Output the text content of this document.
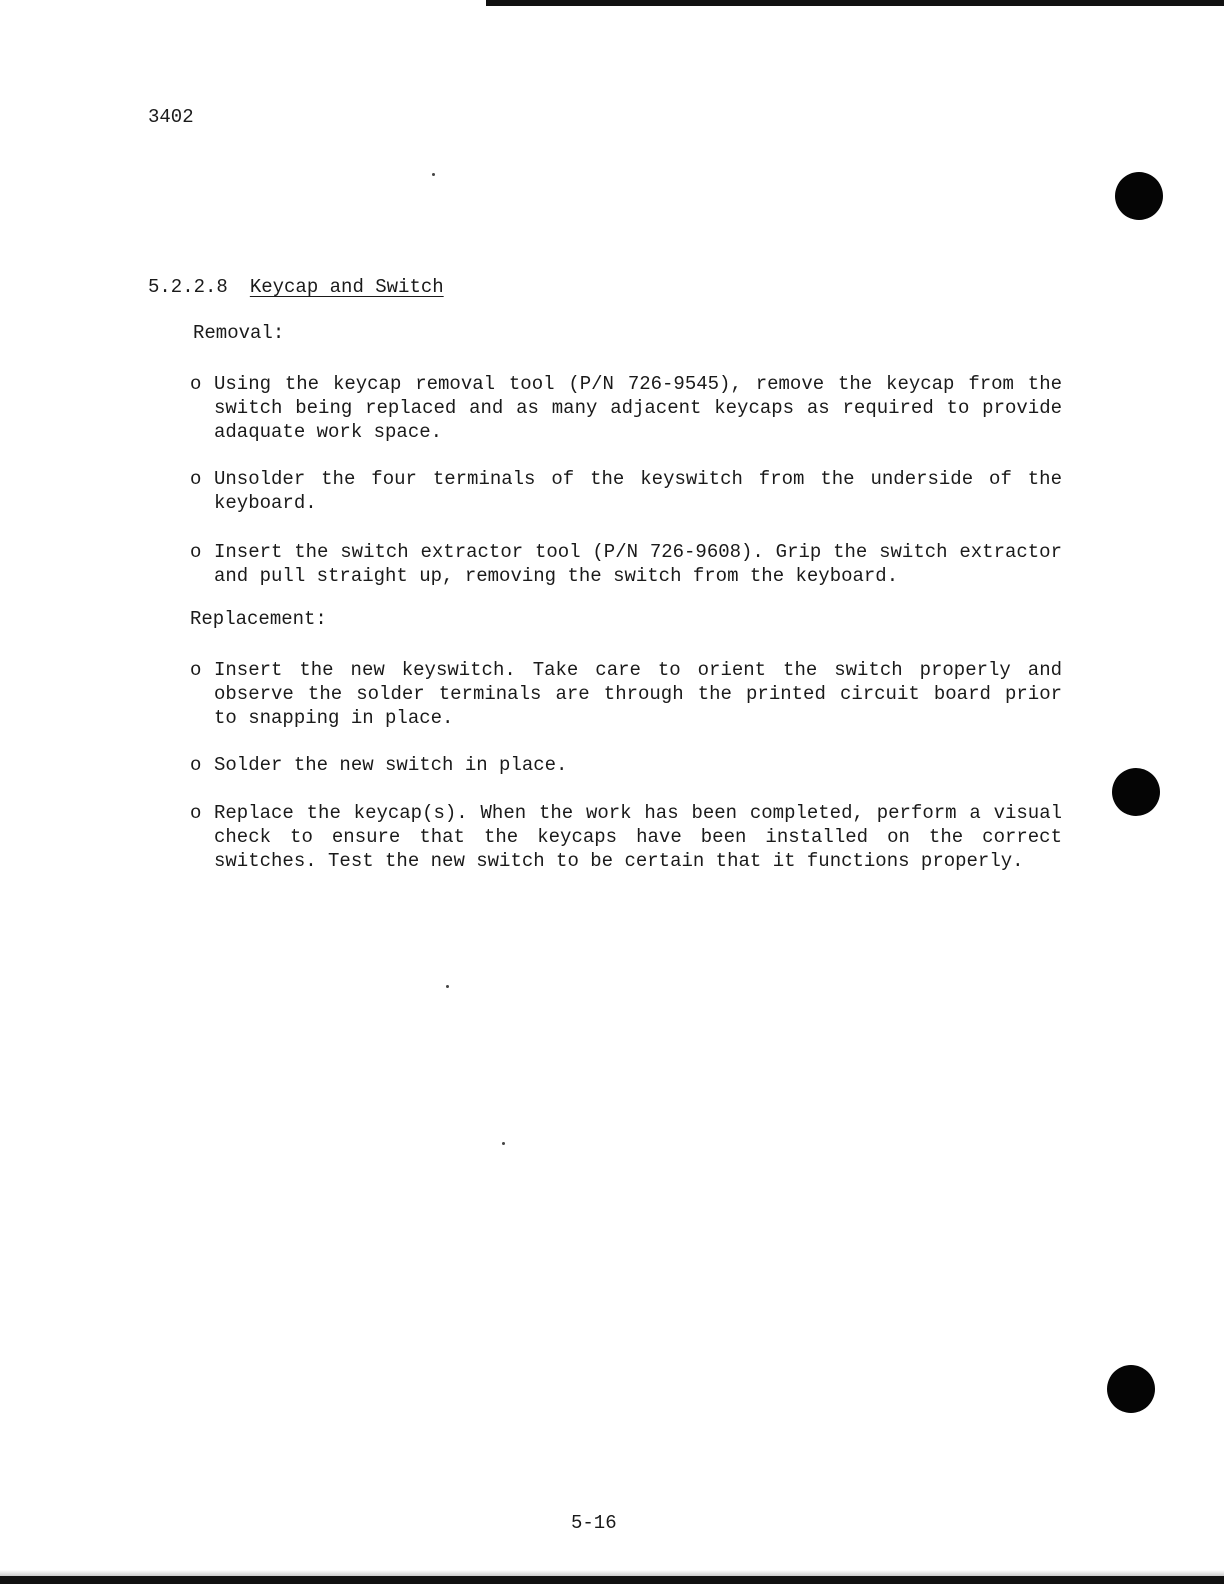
3402
5.2.2.8 Keycap and Switch
Removal:
o Using the keycap removal tool (P/N 726-9545), remove the keycap from the switch being replaced and as many adjacent keycaps as required to provide adaquate work space.
o Unsolder the four terminals of the keyswitch from the underside of the keyboard.
o Insert the switch extractor tool (P/N 726-9608). Grip the switch extractor and pull straight up, removing the switch from the keyboard.
Replacement:
o Insert the new keyswitch. Take care to orient the switch properly and observe the solder terminals are through the printed circuit board prior to snapping in place.
o Solder the new switch in place.
o Replace the keycap(s). When the work has been completed, perform a visual check to ensure that the keycaps have been installed on the correct switches. Test the new switch to be certain that it functions properly.
5-16
